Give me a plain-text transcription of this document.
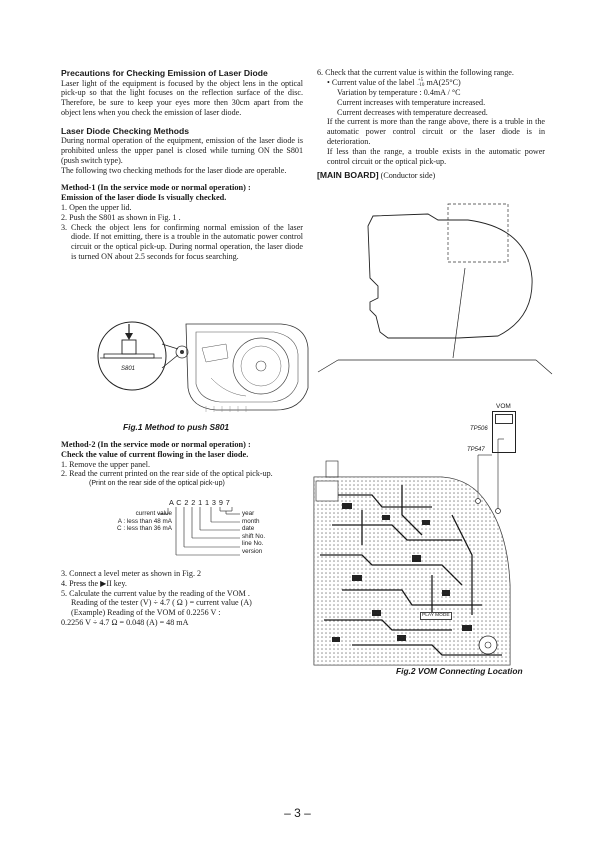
Precautions for Checking Emission of Laser Diode
Laser light of the equipment is focused by the object lens in the optical pick-up so that the light focuses on the reflection surface of the disc. Therefore, be sure to keep your eyes more then 30cm apart from the object lens when you check the emission of laser diode.
Laser Diode Checking Methods
During normal operation of the equipment, emission of the laser diode is prohibited unless the upper panel is closed while turning ON the S801 (push switch type).
The following two checking methods for the laser diode are operable.
Method-1 (In the service mode or normal operation) :
Emission of the laser diode Is visually checked.
1. Open the upper lid.
2. Push the S801 as shown in Fig. 1 .
3. Check the object lens for confirming normal emission of the laser diode. If not emitting, there is a trouble in the automatic power control circuit or the optical pick-up. During normal operation, the laser diode is turned ON about 2.5 seconds for focus searching.
S801
Fig.1 Method to push S801
Method-2 (In the service mode or normal operation) :
Check the value of current flowing in the laser diode.
1. Remove the upper panel.
2. Read the current printed on the rear side of the optical pick-up.
(Print on the rear side of the optical pick-up)
A C 2 2 1 1 3 9 7
current value
A : less than 48 mA
C : less than 36 mA
year
month
date
shift No.
line No.
version
3. Connect a level meter as shown in Fig. 2
4. Press the ▶II key.
5. Calculate the current value by the reading of the VOM .
Reading of the tester (V) ÷ 4.7 ( Ω ) = current value (A)
(Example) Reading of the VOM of 0.2256 V :
0.2256 V ÷ 4.7 Ω = 0.048 (A) = 48 mA
6. Check that the current value is within the following range.
• Current value of the label +5
−10 mA(25°C)
Variation by temperature : 0.4mA / °C
Current increases with temperature increased.
Current decreases with temperature decreased.
If the current is more than the range above, there is a truble in the automatic power control circuit or the laser diode is in deterioration.
If less than the range, a trouble exists in the automatic power control circuit or the optical pick-up.
[MAIN BOARD] (Conductor side)
VOM
TP506
TP547
PLAY MODE
Fig.2 VOM Connecting Location
– 3 –
